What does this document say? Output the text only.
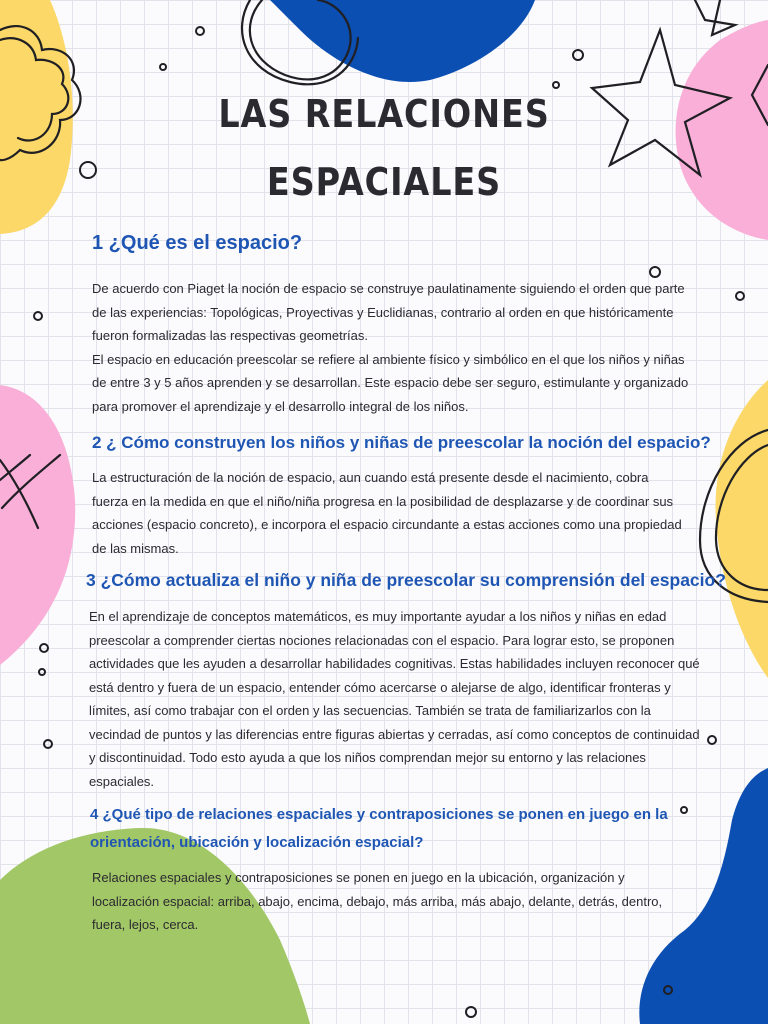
LAS RELACIONES
ESPACIALES
1 ¿Qué es el espacio?

De acuerdo con Piaget la noción de espacio se construye paulatinamente siguiendo el orden que parte de las experiencias: Topológicas, Proyectivas y Euclidianas, contrario al orden en que históricamente fueron formalizadas las respectivas geometrías.

El espacio en educación preescolar se refiere al ambiente físico y simbólico en el que los niños y niñas de entre 3 y 5 años aprenden y se desarrollan. Este espacio debe ser seguro, estimulante y organizado para promover el aprendizaje y el desarrollo integral de los niños.

2 ¿ Cómo construyen los niños y niñas de preescolar la noción del espacio?

La estructuración de la noción de espacio, aun cuando está presente desde el nacimiento, cobra fuerza en la medida en que el niño/niña progresa en la posibilidad de desplazarse y de coordinar sus acciones (espacio concreto), e incorpora el espacio circundante a estas acciones como una propiedad de las mismas.

3 ¿Cómo actualiza el niño y niña de preescolar su comprensión del espacio?

En el aprendizaje de conceptos matemáticos, es muy importante ayudar a los niños y niñas en edad preescolar a comprender ciertas nociones relacionadas con el espacio. Para lograr esto, se proponen actividades que les ayuden a desarrollar habilidades cognitivas. Estas habilidades incluyen reconocer qué está dentro y fuera de un espacio, entender cómo acercarse o alejarse de algo, identificar fronteras y límites, así como trabajar con el orden y las secuencias. También se trata de familiarizarlos con la vecindad de puntos y las diferencias entre figuras abiertas y cerradas, así como conceptos de continuidad y discontinuidad. Todo esto ayuda a que los niños comprendan mejor su entorno y las relaciones espaciales.

4 ¿Qué tipo de relaciones espaciales y contraposiciones se ponen en juego en la
orientación, ubicación y localización espacial?

Relaciones espaciales y contraposiciones se ponen en juego en la ubicación, organización y localización espacial: arriba, abajo, encima, debajo, más arriba, más abajo, delante, detrás, dentro, fuera, lejos, cerca.
